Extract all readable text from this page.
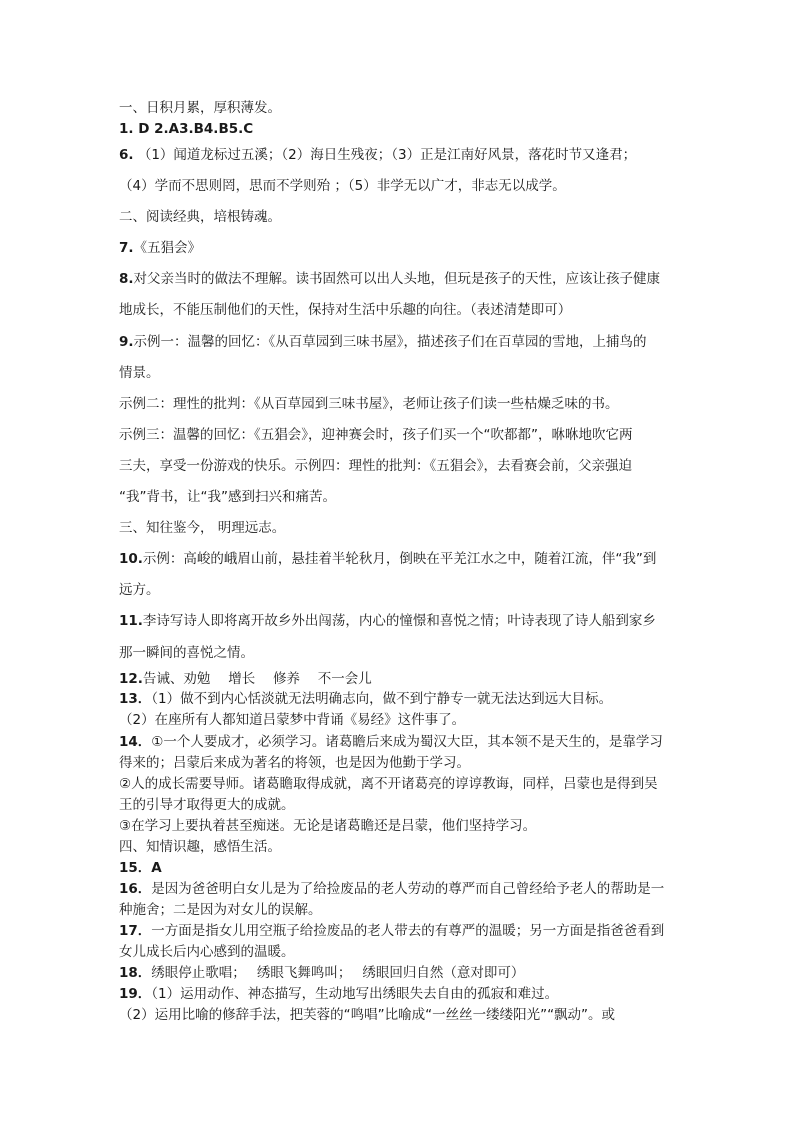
一、日积月累，厚积薄发。
1. D 2.A3.B4.B5.C
6. （1）闻道龙标过五溪；（2）海日生残夜；（3）正是江南好风景，落花时节又逢君；
（4）学而不思则罔，思而不学则殆 ；（5）非学无以广才，非志无以成学。
二、阅读经典，培根铸魂。
7.《五猖会》
8.对父亲当时的做法不理解。读书固然可以出人头地，但玩是孩子的天性，应该让孩子健康
地成长，不能压制他们的天性，保持对生活中乐趣的向往。（表述清楚即可）
9.示例一：温馨的回忆：《从百草园到三味书屋》，描述孩子们在百草园的雪地，上捕鸟的
情景。
示例二：理性的批判：《从百草园到三味书屋》，老师让孩子们读一些枯燥乏味的书。
示例三：温馨的回忆：《五猖会》，迎神赛会时，孩子们买一个“吹都都”，咻咻地吹它两
三夫，享受一份游戏的快乐。示例四：理性的批判：《五猖会》，去看赛会前，父亲强迫
“我”背书，让“我”感到扫兴和痛苦。
三、知往鉴今， 明理远志。
10.示例：高峻的峨眉山前，悬挂着半轮秋月，倒映在平羌江水之中，随着江流，伴“我”到
远方。
11.李诗写诗人即将离开故乡外出闯荡，内心的憧憬和喜悦之情；叶诗表现了诗人船到家乡
那一瞬间的喜悦之情。
12.告诫、劝勉　 增长　 修养　 不一会儿
13．（1）做不到内心恬淡就无法明确志向，做不到宁静专一就无法达到远大目标。
（2）在座所有人都知道吕蒙梦中背诵《易经》这件事了。
14．①一个人要成才，必须学习。诸葛瞻后来成为蜀汉大臣，其本领不是天生的，是靠学习
得来的；吕蒙后来成为著名的将领，也是因为他勤于学习。
②人的成长需要导师。诸葛瞻取得成就，离不开诸葛亮的谆谆教诲，同样，吕蒙也是得到吴
王的引导才取得更大的成就。
③在学习上要执着甚至痴迷。无论是诸葛瞻还是吕蒙，他们坚持学习。
四、知情识趣，感悟生活。
15．A
16．是因为爸爸明白女儿是为了给捡废品的老人劳动的尊严而自己曾经给予老人的帮助是一
种施舍；二是因为对女儿的误解。
17．一方面是指女儿用空瓶子给捡废品的老人带去的有尊严的温暖；另一方面是指爸爸看到
女儿成长后内心感到的温暖。
18．绣眼停止歌唱；　 绣眼飞舞鸣叫；　 绣眼回归自然（意对即可）
19．（1）运用动作、神态描写，生动地写出绣眼失去自由的孤寂和难过。
（2）运用比喻的修辞手法，把芙蓉的“鸣唱”比喻成“一丝丝一缕缕阳光”“飘动”。或
